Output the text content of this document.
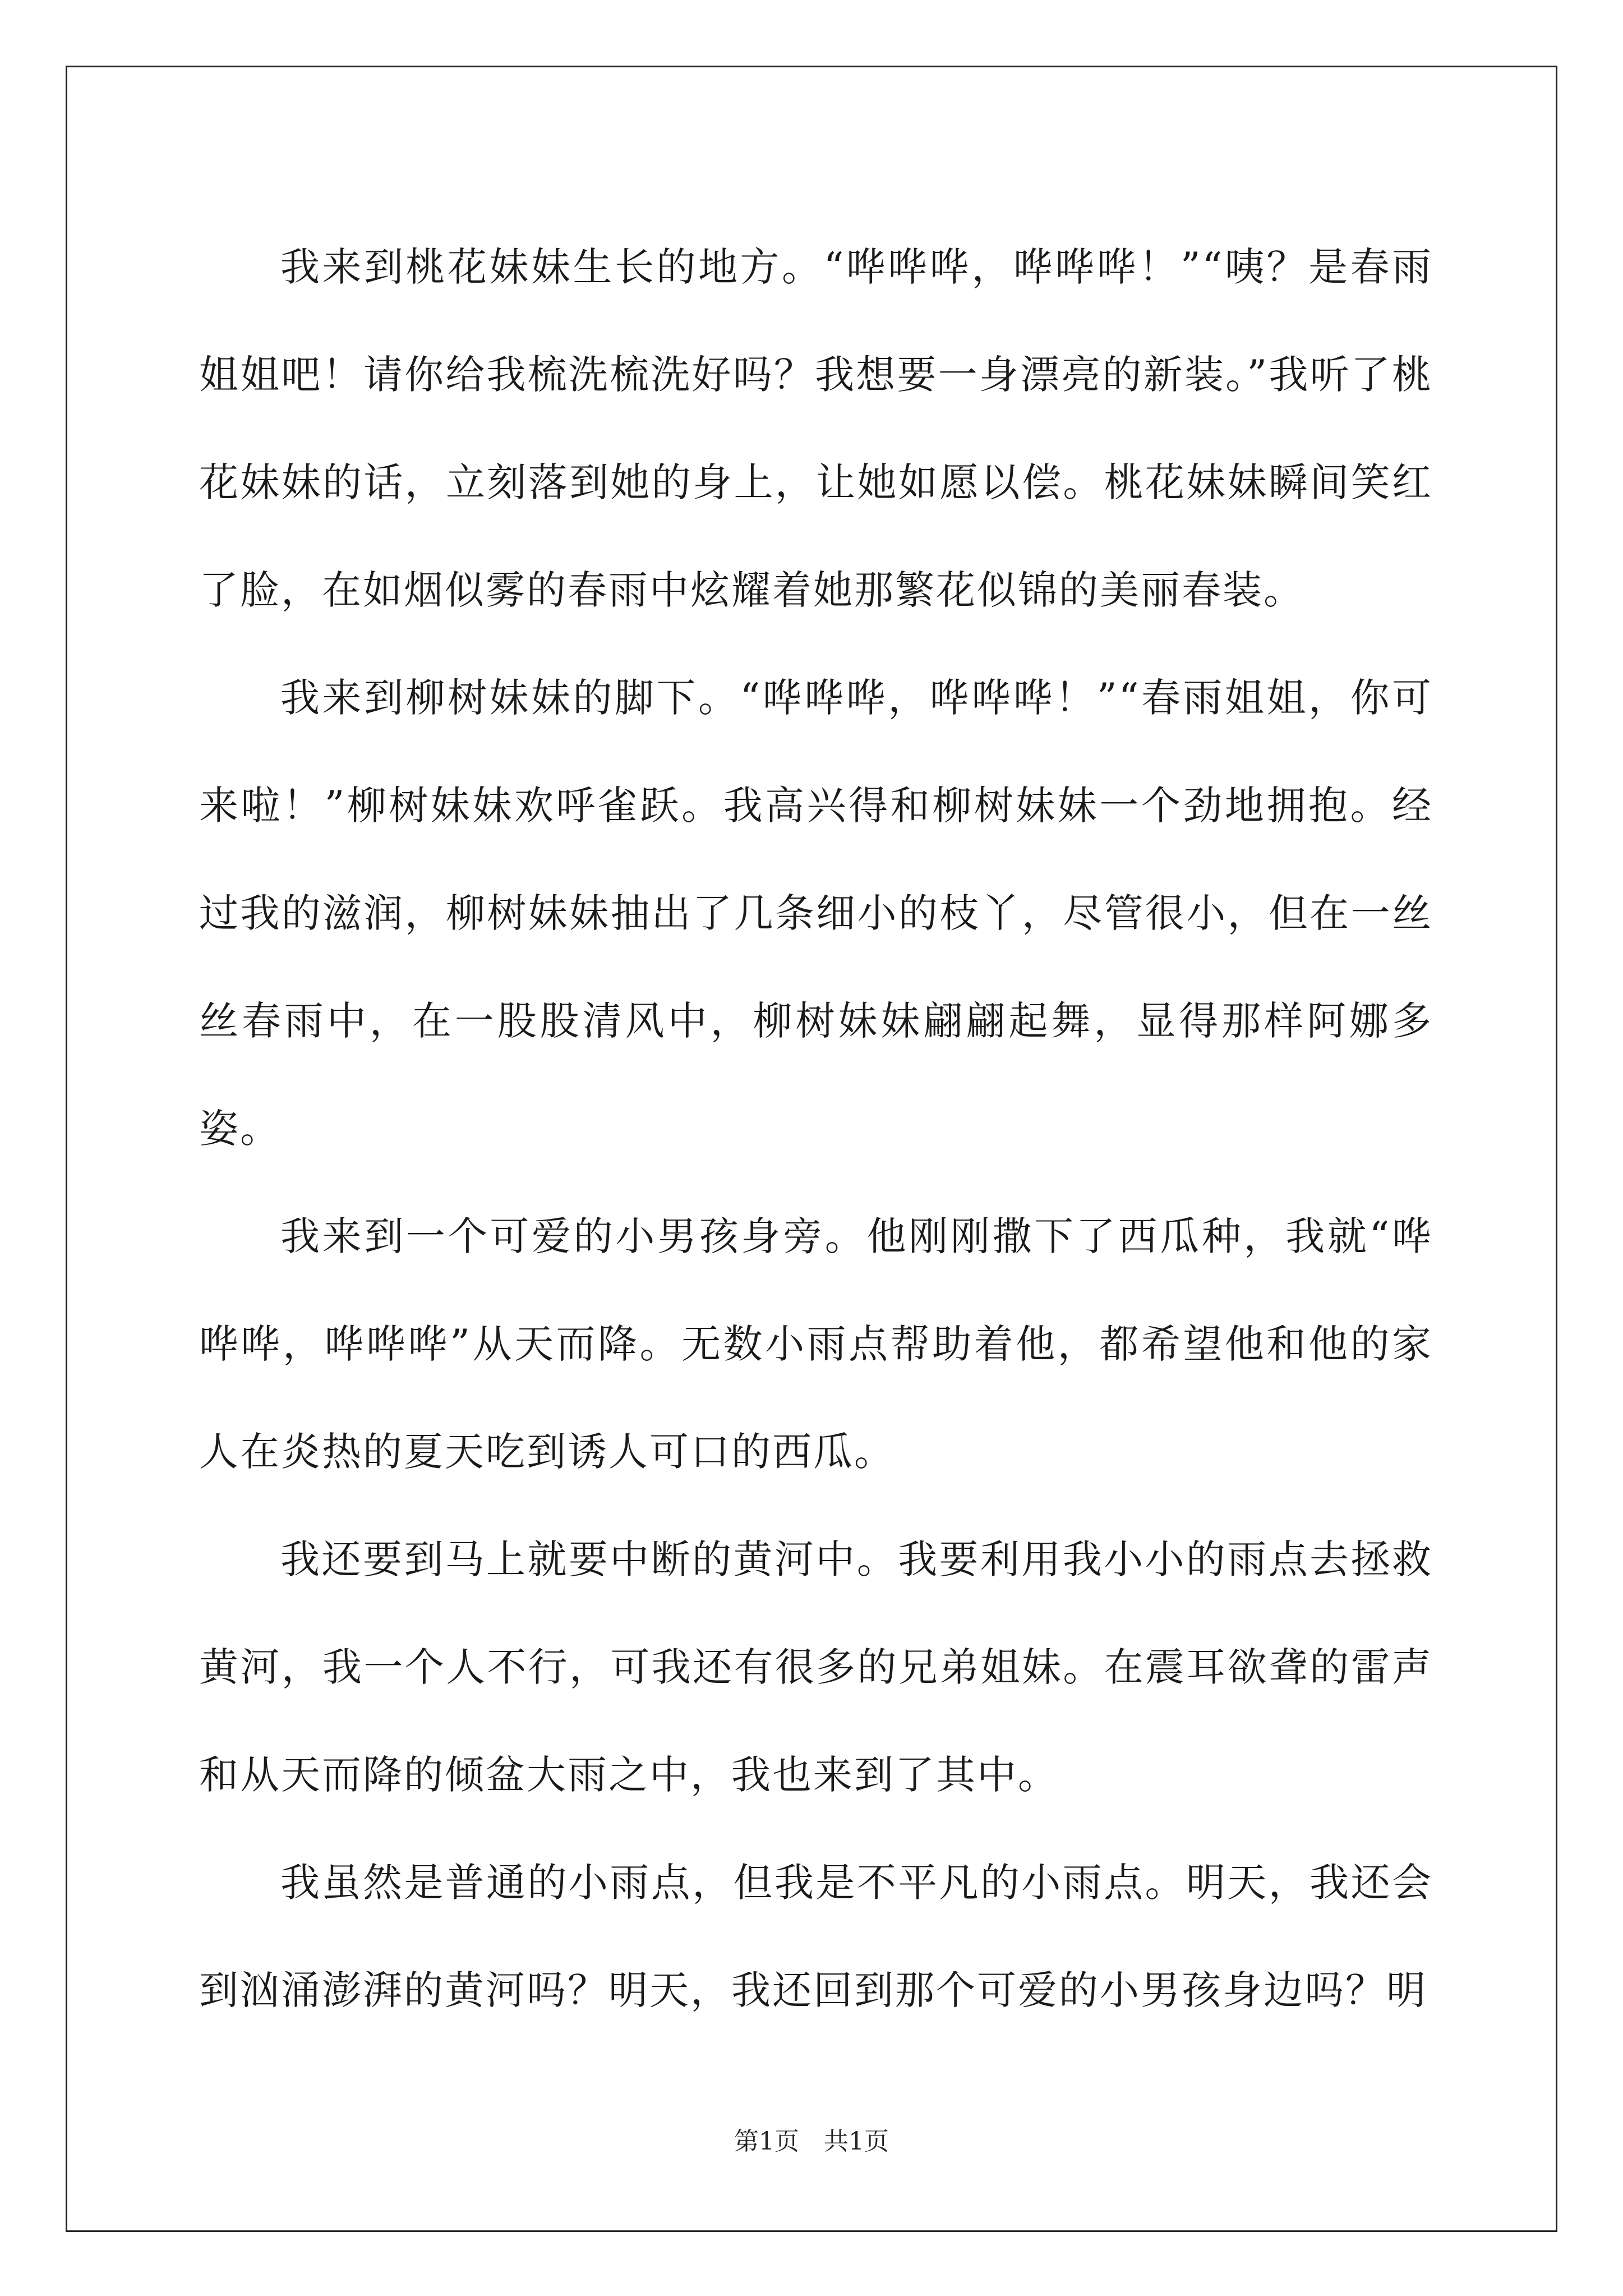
我来到桃花妹妹生长的地方。“哗哗哗，哗哗哗！”“咦？是春雨姐姐吧！请你给我梳洗梳洗好吗？我想要一身漂亮的新装。”我听了桃花妹妹的话，立刻落到她的身上，让她如愿以偿。桃花妹妹瞬间笑红了脸，在如烟似雾的春雨中炫耀着她那繁花似锦的美丽春装。

我来到柳树妹妹的脚下。“哗哗哗，哗哗哗！”“春雨姐姐，你可来啦！”柳树妹妹欢呼雀跃。我高兴得和柳树妹妹一个劲地拥抱。经过我的滋润，柳树妹妹抽出了几条细小的枝丫，尽管很小，但在一丝丝春雨中，在一股股清风中，柳树妹妹翩翩起舞，显得那样阿娜多姿。

我来到一个可爱的小男孩身旁。他刚刚撒下了西瓜种，我就“哗哗哗，哗哗哗”从天而降。无数小雨点帮助着他，都希望他和他的家人在炎热的夏天吃到诱人可口的西瓜。

我还要到马上就要中断的黄河中。我要利用我小小的雨点去拯救黄河，我一个人不行，可我还有很多的兄弟姐妹。在震耳欲聋的雷声和从天而降的倾盆大雨之中，我也来到了其中。

我虽然是普通的小雨点，但我是不平凡的小雨点。明天，我还会到汹涌澎湃的黄河吗？明天，我还回到那个可爱的小男孩身边吗？明

第1页　共1页
